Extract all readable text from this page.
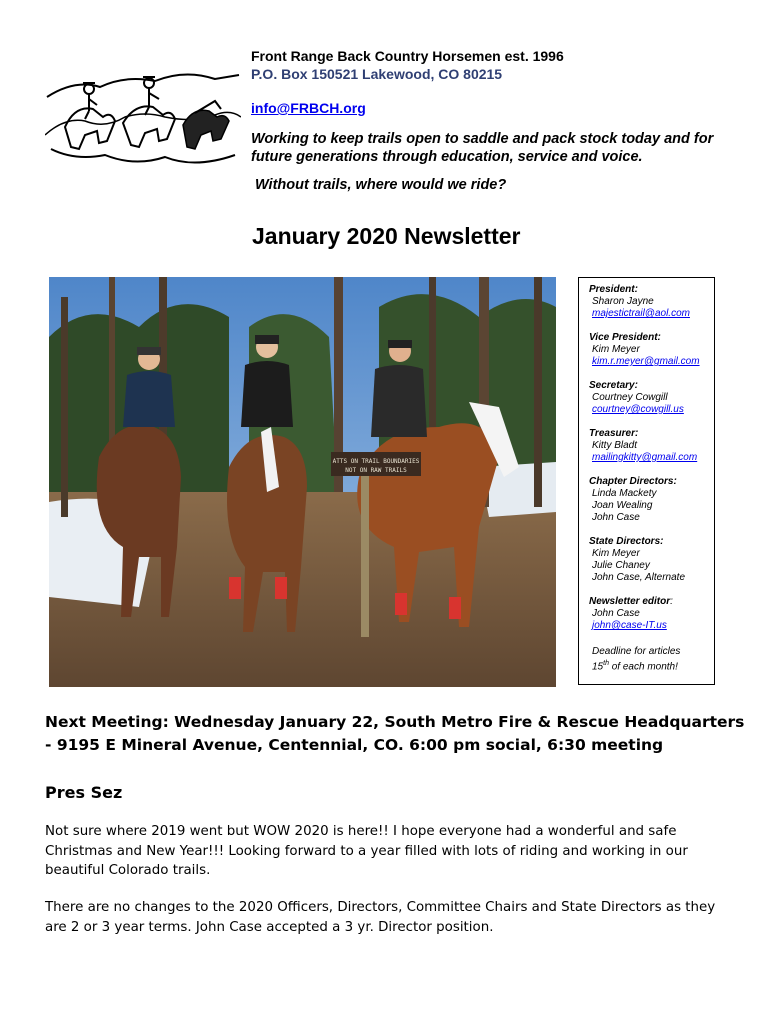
Front Range Back Country Horsemen est. 1996
P.O. Box 150521 Lakewood, CO 80215
info@FRBCH.org
Working to keep trails open to saddle and pack stock today and for future generations through education, service and voice.
Without trails, where would we ride?
January 2020 Newsletter
ATTS ON TRAIL BOUNDARIES
NOT ON RAW TRAILS
President:
Sharon Jayne
majestictrail@aol.com
Vice President:
Kim Meyer
kim.r.meyer@gmail.com
Secretary:
Courtney Cowgill
courtney@cowgill.us
Treasurer:
Kitty Bladt
mailingkitty@gmail.com
Chapter Directors:
Linda Mackety
Joan Wealing
John Case
State Directors:
Kim Meyer
Julie Chaney
John Case, Alternate
Newsletter editor:
John Case
john@case-IT.us
Deadline for articles
15th of each month!
Next Meeting: Wednesday January 22, South Metro Fire & Rescue Headquarters
- 9195 E Mineral Avenue, Centennial, CO. 6:00 pm social, 6:30 meeting
Pres Sez
Not sure where 2019 went but WOW 2020 is here!! I hope everyone had a wonderful and safe Christmas and New Year!!! Looking forward to a year filled with lots of riding and working in our beautiful Colorado trails.
There are no changes to the 2020 Officers, Directors, Committee Chairs and State Directors as they are 2 or 3 year terms. John Case accepted a 3 yr. Director position.
